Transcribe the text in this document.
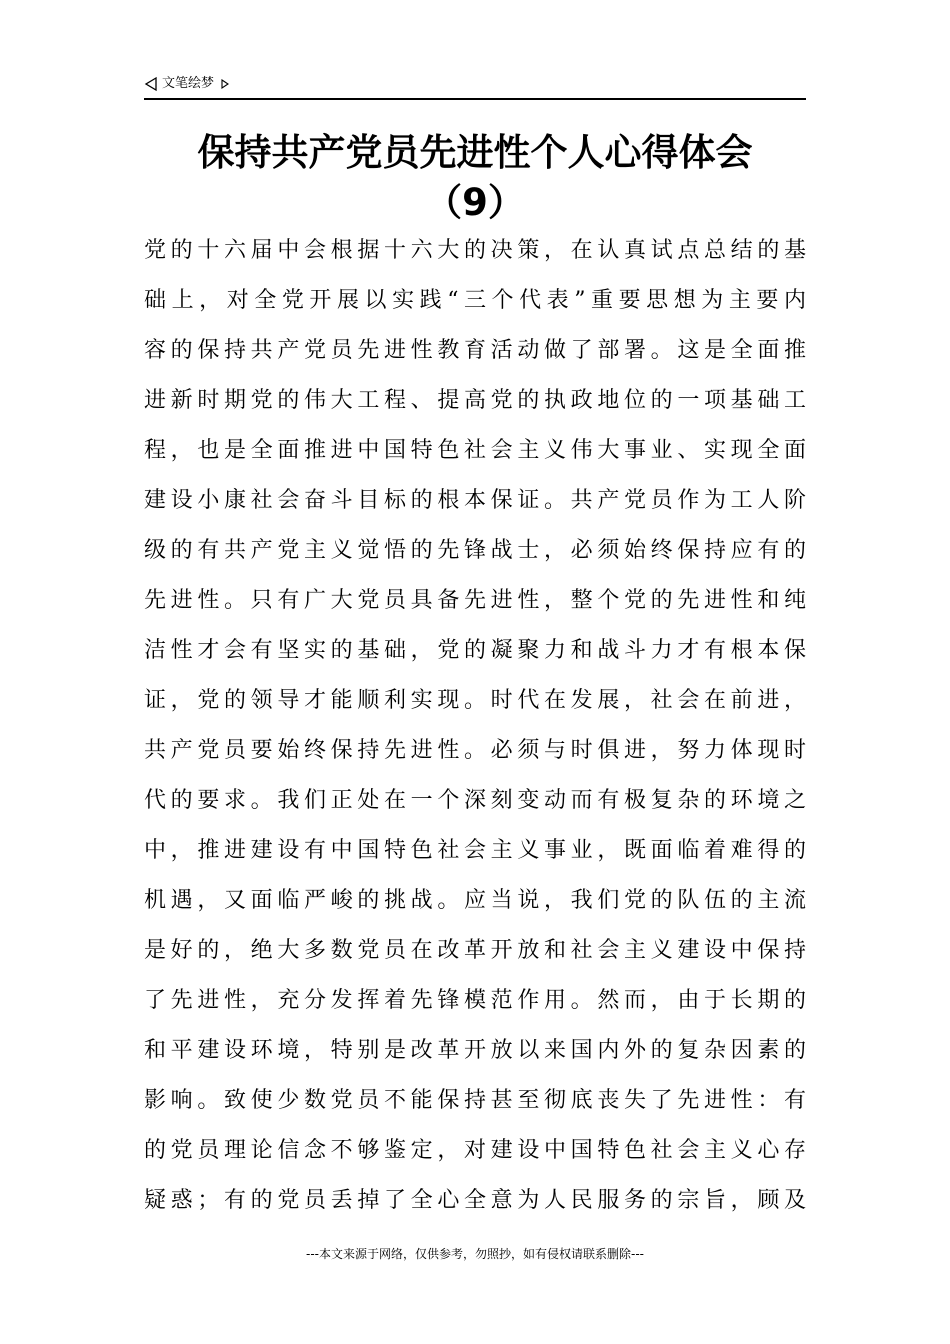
文笔绘梦
保持共产党员先进性个人心得体会
（9）
党的十六届中会根据十六大的决策，在认真试点总结的基
础上，对全党开展以实践“三个代表”重要思想为主要内
容的保持共产党员先进性教育活动做了部署。这是全面推
进新时期党的伟大工程、提高党的执政地位的一项基础工
程，也是全面推进中国特色社会主义伟大事业、实现全面
建设小康社会奋斗目标的根本保证。共产党员作为工人阶
级的有共产党主义觉悟的先锋战士，必须始终保持应有的
先进性。只有广大党员具备先进性，整个党的先进性和纯
洁性才会有坚实的基础，党的凝聚力和战斗力才有根本保
证，党的领导才能顺利实现。时代在发展，社会在前进，
共产党员要始终保持先进性。必须与时俱进，努力体现时
代的要求。我们正处在一个深刻变动而有极复杂的环境之
中，推进建设有中国特色社会主义事业，既面临着难得的
机遇，又面临严峻的挑战。应当说，我们党的队伍的主流
是好的，绝大多数党员在改革开放和社会主义建设中保持
了先进性，充分发挥着先锋模范作用。然而，由于长期的
和平建设环境，特别是改革开放以来国内外的复杂因素的
影响。致使少数党员不能保持甚至彻底丧失了先进性：有
的党员理论信念不够鉴定，对建设中国特色社会主义心存
疑惑；有的党员丢掉了全心全意为人民服务的宗旨，顾及
---本文来源于网络，仅供参考，勿照抄，如有侵权请联系删除---
